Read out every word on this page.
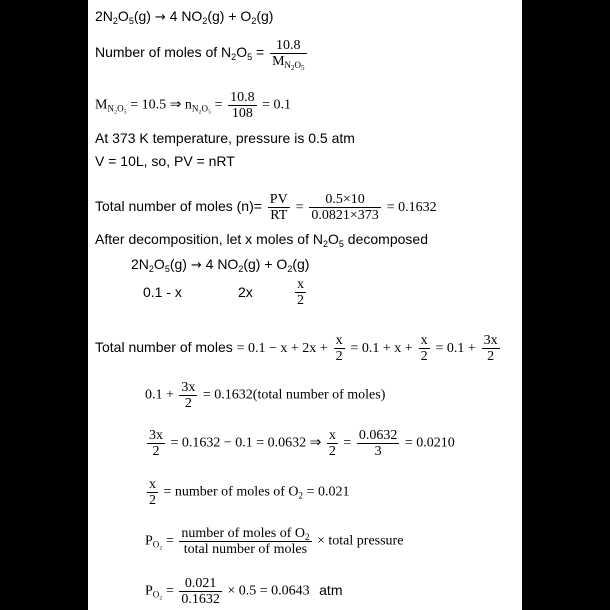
$2N_2O_5(g) \to 4$ $NO_2(g) + O_2(g)$
Number of moles of $N_2O_5 = \frac{10.8}{M_{N_2O_5}}$
$M_{N_2O_5} = 10.5$ ⇒ $n_{N_2O_5} = \frac{10.8}{108} = 0.1$
At 373 K temperature, pressure is 0.5 atm
V = 10L, so, PV = nRT
Total number of moles $(n)= \frac{PV}{RT} = \frac{0.5\times 10}{0.0821\times 373} = 0.1632$
After decomposition, let x moles of $N_2O_5$ decomposed
$2N_2O_5(g) \to 4$ $NO_2(g) + O_2(g)$
0.1 - x	2x	$\frac{x}{2}$
Total number of moles = $0.1 - x + 2x + \frac{x}{2} = 0.1 + x + \frac{x}{2} = 0.1 + \frac{3x}{2}$
$0.1 + \frac{3x}{2}$ = 0.1632(total number of moles)
$\frac{3x}{2} = 0.1632 - 0.1 = 0.0632$ ⇒ $\frac{x}{2} = \frac{0.0632}{3} = 0.0210$
$\frac{x}{2}$ = number of moles of $O_2 = 0.021$
$P_{O_2} = \frac{number of moles of O_2}{\text{total number of moles}}$ × total pressure
$P_{O_2} = \frac{0.021}{0.1632} \times 0.5 = 0.0643$ atm
